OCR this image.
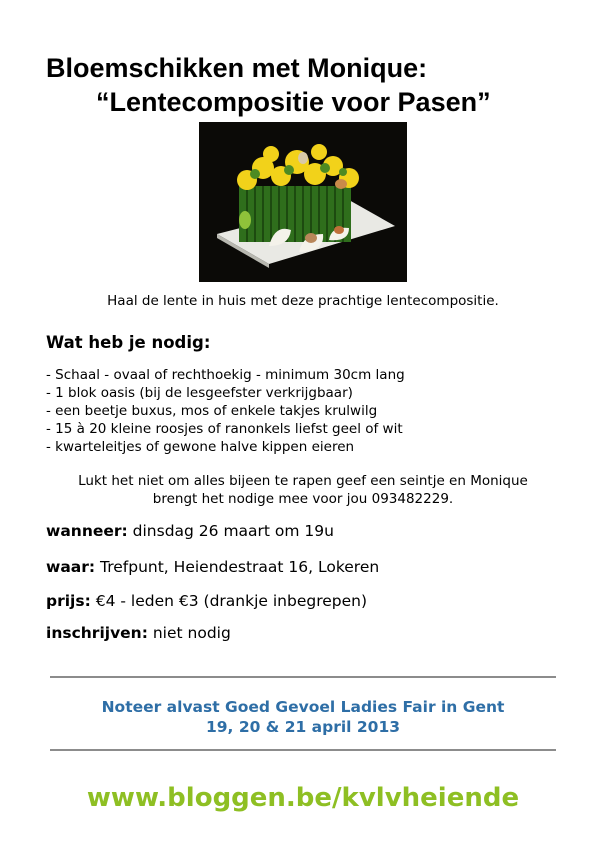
Bloemschikken met Monique:
“Lentecompositie voor Pasen”
Haal de lente in huis met deze prachtige lentecompositie.
Wat heb je nodig:
- Schaal - ovaal of rechthoekig - minimum 30cm lang
- 1 blok oasis (bij de lesgeefster verkrijgbaar)
- een beetje buxus, mos of enkele takjes krulwilg
- 15 à 20 kleine roosjes of ranonkels liefst geel of wit
- kwarteleitjes of gewone halve kippen eieren
Lukt het niet om alles bijeen te rapen geef een seintje en Monique
brengt het nodige mee voor jou 093482229.
wanneer: dinsdag 26 maart om 19u
waar: Trefpunt, Heiendestraat 16, Lokeren
prijs: €4 - leden €3 (drankje inbegrepen)
inschrijven: niet nodig
Noteer alvast Goed Gevoel Ladies Fair in Gent
19, 20 & 21 april 2013
www.bloggen.be/kvlvheiende
